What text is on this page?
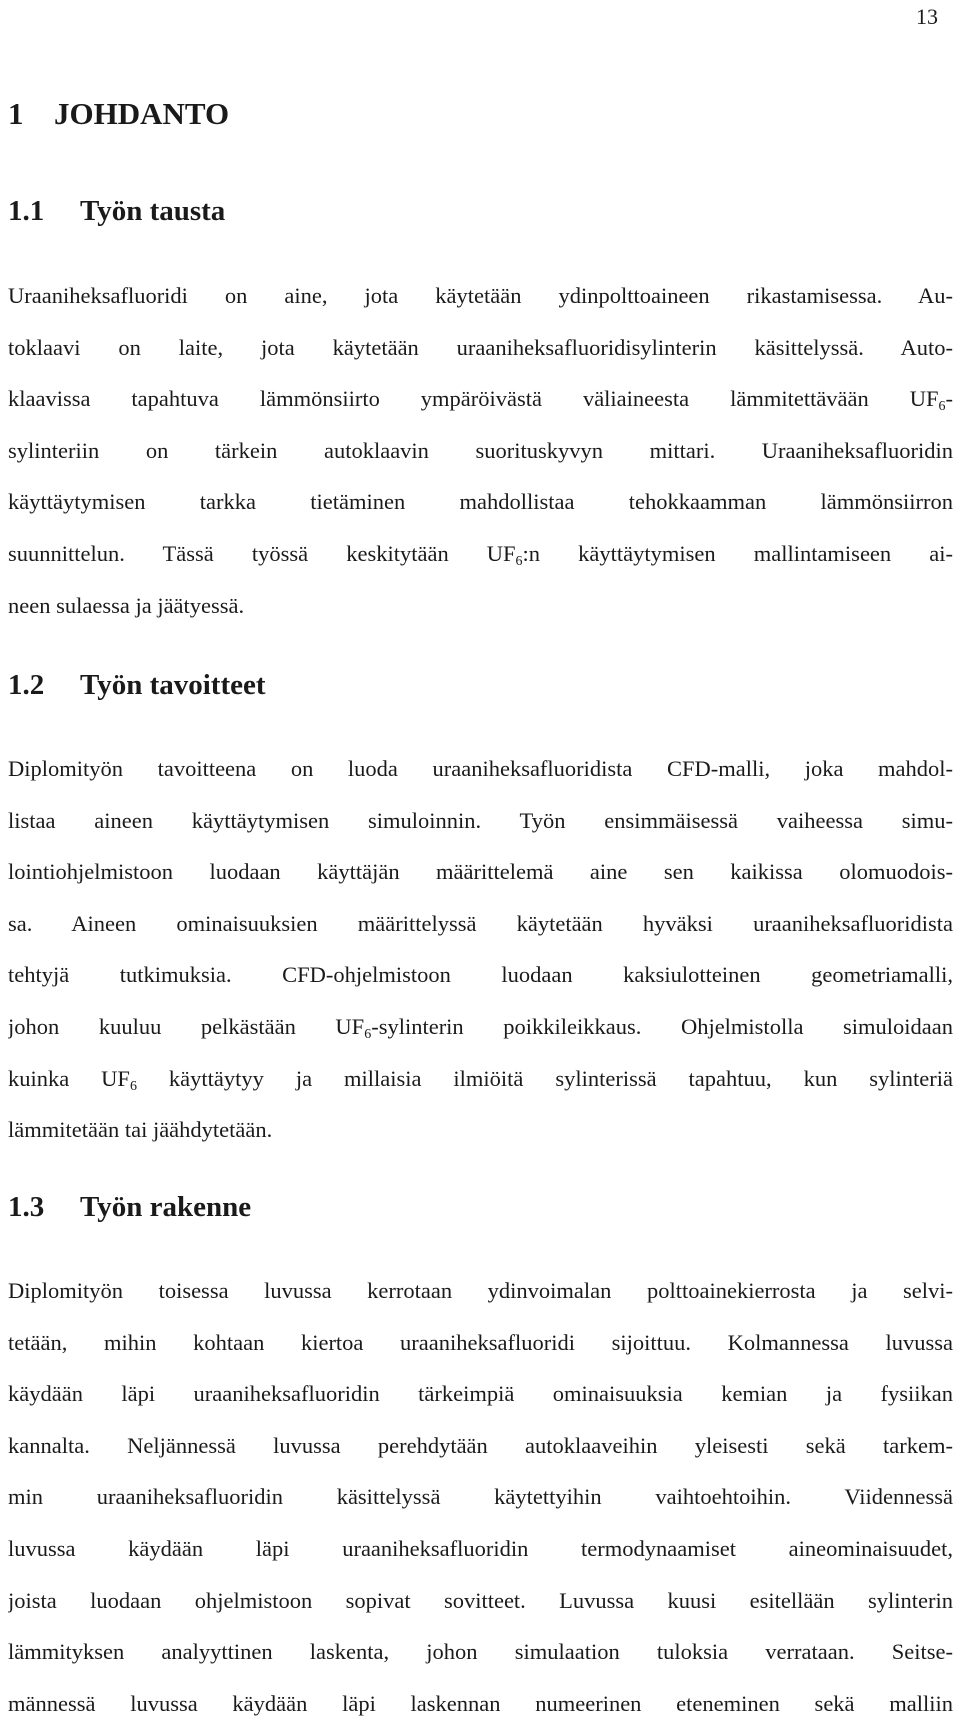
13
1 JOHDANTO
1.1 Työn tausta
Uraaniheksafluoridi on aine, jota käytetään ydinpolttoaineen rikastamisessa. Au-
toklaavi on laite, jota käytetään uraaniheksafluoridisylinterin käsittelyssä. Auto-
klaavissa tapahtuva lämmönsiirto ympäröivästä väliaineesta lämmitettävään UF6-
sylinteriin on tärkein autoklaavin suorituskyvyn mittari. Uraaniheksafluoridin
käyttäytymisen tarkka tietäminen mahdollistaa tehokkaamman lämmönsiirron
suunnittelun. Tässä työssä keskitytään UF6:n käyttäytymisen mallintamiseen ai-
neen sulaessa ja jäätyessä.
1.2 Työn tavoitteet
Diplomityön tavoitteena on luoda uraaniheksafluoridista CFD-malli, joka mahdol-
listaa aineen käyttäytymisen simuloinnin. Työn ensimmäisessä vaiheessa simu-
lointiohjelmistoon luodaan käyttäjän määrittelemä aine sen kaikissa olomuodois-
sa. Aineen ominaisuuksien määrittelyssä käytetään hyväksi uraaniheksafluoridista
tehtyjä tutkimuksia. CFD-ohjelmistoon luodaan kaksiulotteinen geometriamalli,
johon kuuluu pelkästään UF6-sylinterin poikkileikkaus. Ohjelmistolla simuloidaan
kuinka UF6 käyttäytyy ja millaisia ilmiöitä sylinterissä tapahtuu, kun sylinteriä
lämmitetään tai jäähdytetään.
1.3 Työn rakenne
Diplomityön toisessa luvussa kerrotaan ydinvoimalan polttoainekierrosta ja selvi-
tetään, mihin kohtaan kiertoa uraaniheksafluoridi sijoittuu. Kolmannessa luvussa
käydään läpi uraaniheksafluoridin tärkeimpiä ominaisuuksia kemian ja fysiikan
kannalta. Neljännessä luvussa perehdytään autoklaaveihin yleisesti sekä tarkem-
min uraaniheksafluoridin käsittelyssä käytettyihin vaihtoehtoihin. Viidennessä
luvussa käydään läpi uraaniheksafluoridin termodynaamiset aineominaisuudet,
joista luodaan ohjelmistoon sopivat sovitteet. Luvussa kuusi esitellään sylinterin
lämmityksen analyyttinen laskenta, johon simulaation tuloksia verrataan. Seitse-
männessä luvussa käydään läpi laskennan numeerinen eteneminen sekä malliin
